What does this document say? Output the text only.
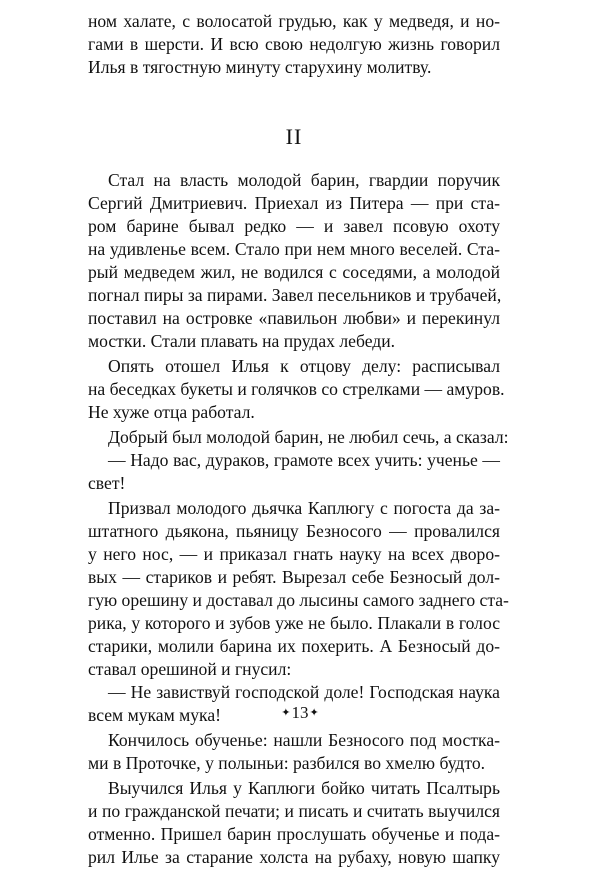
ном халате, с волосатой грудью, как у медведя, и но-
гами в шерсти. И всю свою недолгую жизнь говорил
Илья в тягостную минуту старухину молитву.
II
Стал на власть молодой барин, гвардии поручик
Сергий Дмитриевич. Приехал из Питера — при ста-
ром барине бывал редко — и завел псовую охоту
на удивленье всем. Стало при нем много веселей. Ста-
рый медведем жил, не водился с соседями, а молодой
погнал пиры за пирами. Завел песельников и трубачей,
поставил на островке «павильон любви» и перекинул
мостки. Стали плавать на прудах лебеди.
Опять отошел Илья к отцову делу: расписывал
на беседках букеты и голячков со стрелками — амуров.
Не хуже отца работал.
Добрый был молодой барин, не любил сечь, а сказал:
— Надо вас, дураков, грамоте всех учить: ученье —
свет!
Призвал молодого дьячка Каплюгу с погоста да за-
штатного дьякона, пьяницу Безносого — провалился
у него нос, — и приказал гнать науку на всех дворо-
вых — стариков и ребят. Вырезал себе Безносый дол-
гую орешину и доставал до лысины самого заднего ста-
рика, у которого и зубов уже не было. Плакали в голос
старики, молили барина их похерить. А Безносый до-
ставал орешиной и гнусил:
— Не завиствуй господской доле! Господская наука
всем мукам мука!
Кончилось обученье: нашли Безносого под мостка-
ми в Проточке, у полыньи: разбился во хмелю будто.
Выучился Илья у Каплюги бойко читать Псалтырь
и по гражданской печати; и писать и считать выучился
отменно. Пришел барин прослушать обученье и подa-
рил Илье за старание холста на рубаху, новую шапку
✦13✦
